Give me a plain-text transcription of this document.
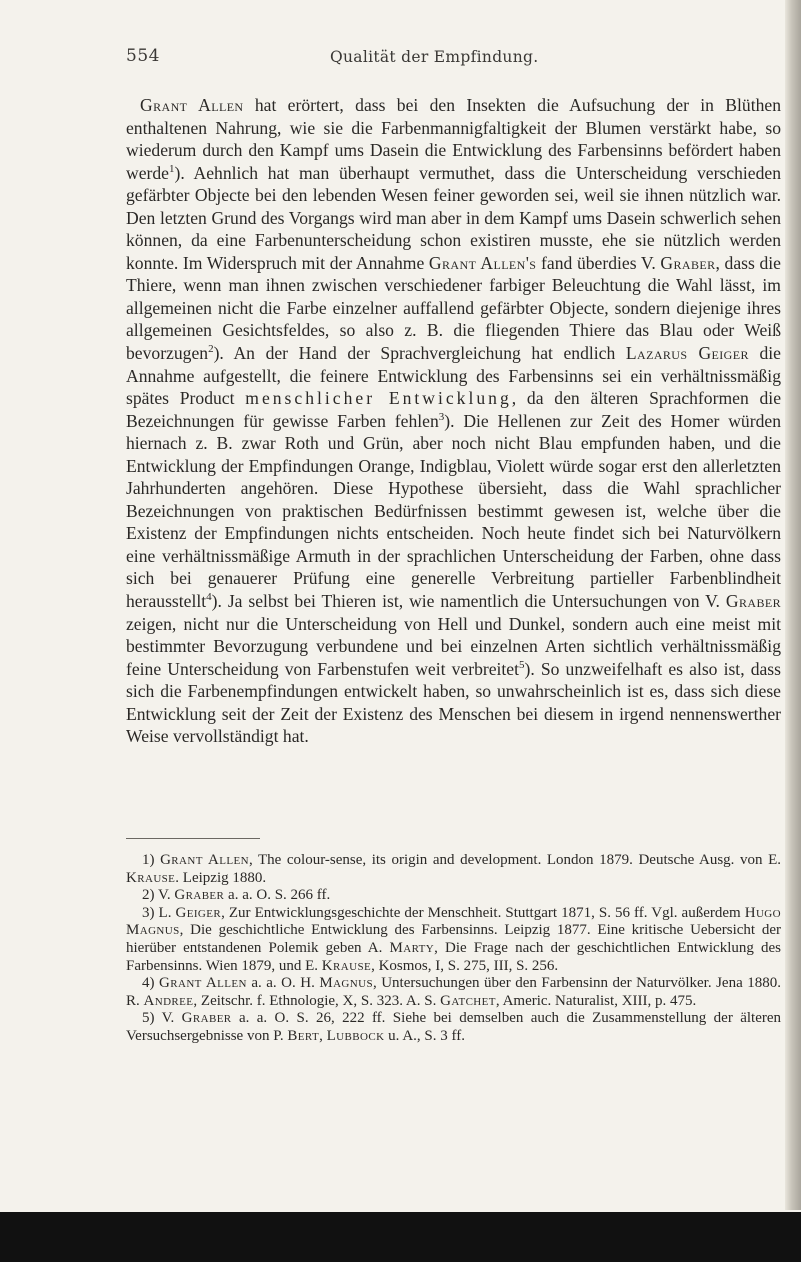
554	Qualität der Empfindung.

Grant Allen hat erörtert, dass bei den Insekten die Aufsuchung der in Blüthen enthaltenen Nahrung, wie sie die Farbenmannigfaltigkeit der Blumen verstärkt habe, so wiederum durch den Kampf ums Dasein die Entwicklung des Farbensinns befördert haben werde$^1$). Aehnlich hat man überhaupt vermuthet, dass die Unterscheidung verschieden gefärbter Objecte bei den lebenden Wesen feiner geworden sei, weil sie ihnen nützlich war. Den letzten Grund des Vorgangs wird man aber in dem Kampf ums Dasein schwerlich sehen können, da eine Farbenunterscheidung schon existiren musste, ehe sie nützlich werden konnte. Im Widerspruch mit der Annahme Grant Allen's fand überdies V. Graber, dass die Thiere, wenn man ihnen zwischen verschiedener farbiger Beleuchtung die Wahl lässt, im allgemeinen nicht die Farbe einzelner auffallend gefärbter Objecte, sondern diejenige ihres allgemeinen Gesichtsfeldes, so also z. B. die fliegenden Thiere das Blau oder Weiß bevorzugen$^2$). An der Hand der Sprachvergleichung hat endlich Lazarus Geiger die Annahme aufgestellt, die feinere Entwicklung des Farbensinns sei ein verhältnissmäßig spätes Product menschlicher Entwicklung, da den älteren Sprachformen die Bezeichnungen für gewisse Farben fehlen$^3$). Die Hellenen zur Zeit des Homer würden hiernach z. B. zwar Roth und Grün, aber noch nicht Blau empfunden haben, und die Entwicklung der Empfindungen Orange, Indigblau, Violett würde sogar erst den allerletzten Jahrhunderten angehören. Diese Hypothese übersieht, dass die Wahl sprachlicher Bezeichnungen von praktischen Bedürfnissen bestimmt gewesen ist, welche über die Existenz der Empfindungen nichts entscheiden. Noch heute findet sich bei Naturvölkern eine verhältnissmäßige Armuth in der sprachlichen Unterscheidung der Farben, ohne dass sich bei genauerer Prüfung eine generelle Verbreitung partieller Farbenblindheit herausstellt$^4$). Ja selbst bei Thieren ist, wie namentlich die Untersuchungen von V. Graber zeigen, nicht nur die Unterscheidung von Hell und Dunkel, sondern auch eine meist mit bestimmter Bevorzugung verbundene und bei einzelnen Arten sichtlich verhältnissmäßig feine Unterscheidung von Farbenstufen weit verbreitet$^5$). So unzweifelhaft es also ist, dass sich die Farbenempfindungen entwickelt haben, so unwahrscheinlich ist es, dass sich diese Entwicklung seit der Zeit der Existenz des Menschen bei diesem in irgend nennenswerther Weise vervollständigt hat.

1) Grant Allen, The colour-sense, its origin and development. London 1879. Deutsche Ausg. von E. Krause. Leipzig 1880.

2) V. Graber a. a. O. S. 266 ff.

3) L. Geiger, Zur Entwicklungsgeschichte der Menschheit. Stuttgart 1871, S. 56 ff. Vgl. außerdem Hugo Magnus, Die geschichtliche Entwicklung des Farbensinns. Leipzig 1877. Eine kritische Uebersicht der hierüber entstandenen Polemik geben A. Marty, Die Frage nach der geschichtlichen Entwicklung des Farbensinns. Wien 1879, und E. Krause, Kosmos, I, S. 275, III, S. 256.

4) Grant Allen a. a. O. H. Magnus, Untersuchungen über den Farbensinn der Naturvölker. Jena 1880. R. Andree, Zeitschr. f. Ethnologie, X, S. 323. A. S. Gatchet, Americ. Naturalist, XIII, p. 475.

5) V. Graber a. a. O. S. 26, 222 ff. Siehe bei demselben auch die Zusammenstellung der älteren Versuchsergebnisse von P. Bert, Lubbock u. A., S. 3 ff.
